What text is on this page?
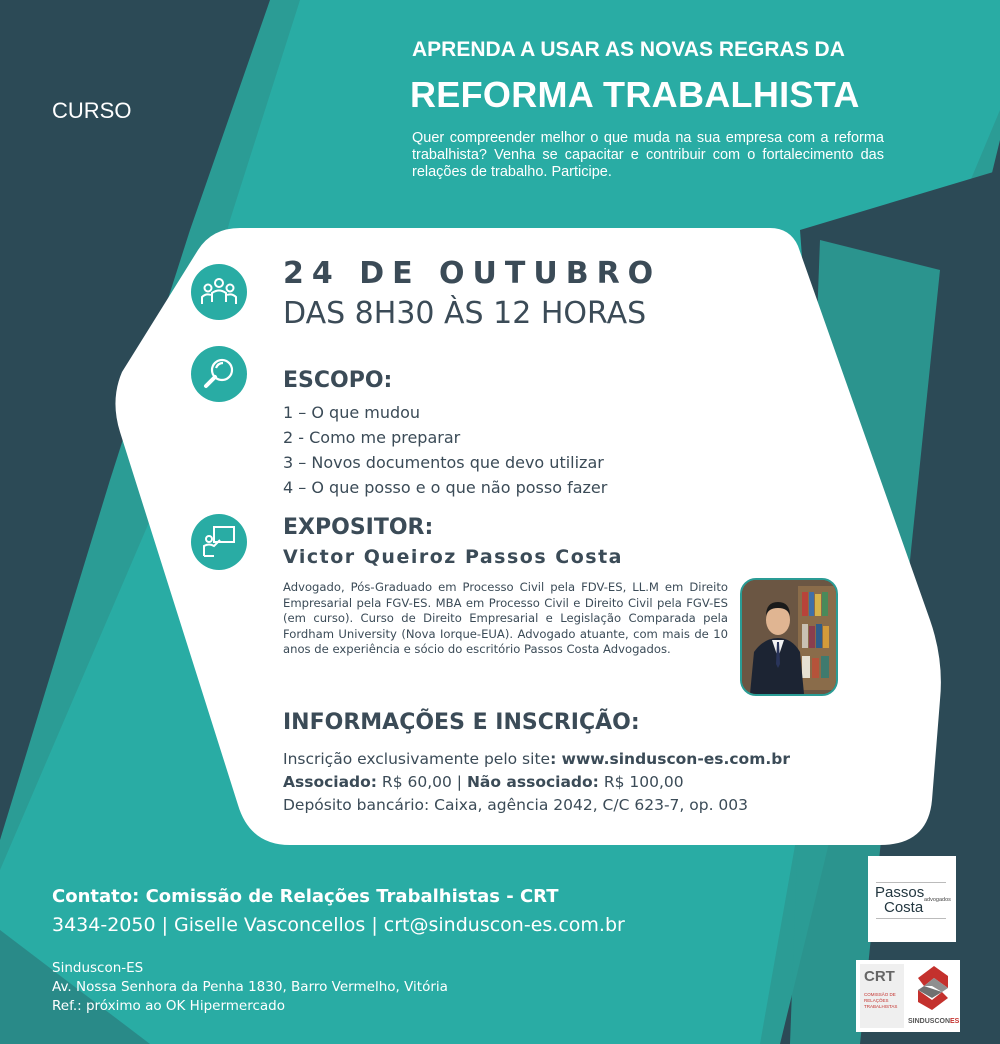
CURSO

APRENDA A USAR AS NOVAS REGRAS DA

REFORMA TRABALHISTA

Quer compreender melhor o que muda na sua empresa com a reforma trabalhista? Venha se capacitar e contribuir com o fortalecimento das relações de trabalho. Participe.

24 DE OUTUBRO

DAS 8H30 ÀS 12 HORAS

ESCOPO:

1 – O que mudou
2 - Como me preparar
3 – Novos documentos que devo utilizar
4 – O que posso e o que não posso fazer

EXPOSITOR:

Victor Queiroz Passos Costa

Advogado, Pós-Graduado em Processo Civil pela FDV-ES, LL.M em Direito Empresarial pela FGV-ES. MBA em Processo Civil e Direito Civil pela FGV-ES (em curso). Curso de Direito Empresarial e Legislação Comparada pela Fordham University (Nova Iorque-EUA). Advogado atuante, com mais de 10 anos de experiência e sócio do escritório Passos Costa Advogados.

INFORMAÇÕES E INSCRIÇÃO:

Inscrição exclusivamente pelo site: www.sinduscon-es.com.br

Associado: R$ 60,00 | Não associado: R$ 100,00

Depósito bancário: Caixa, agência 2042, C/C 623-7, op. 003

Contato: Comissão de Relações Trabalhistas - CRT

3434-2050 | Giselle Vasconcellos | crt@sinduscon-es.com.br

Sinduscon-ES

Av. Nossa Senhora da Penha 1830, Barro Vermelho, Vitória

Ref.: próximo ao OK Hipermercado

Passos

Costa advogados

CRT

COMISSÃO DE

RELAÇÕES

TRABALHISTAS

SINDUSCONES
